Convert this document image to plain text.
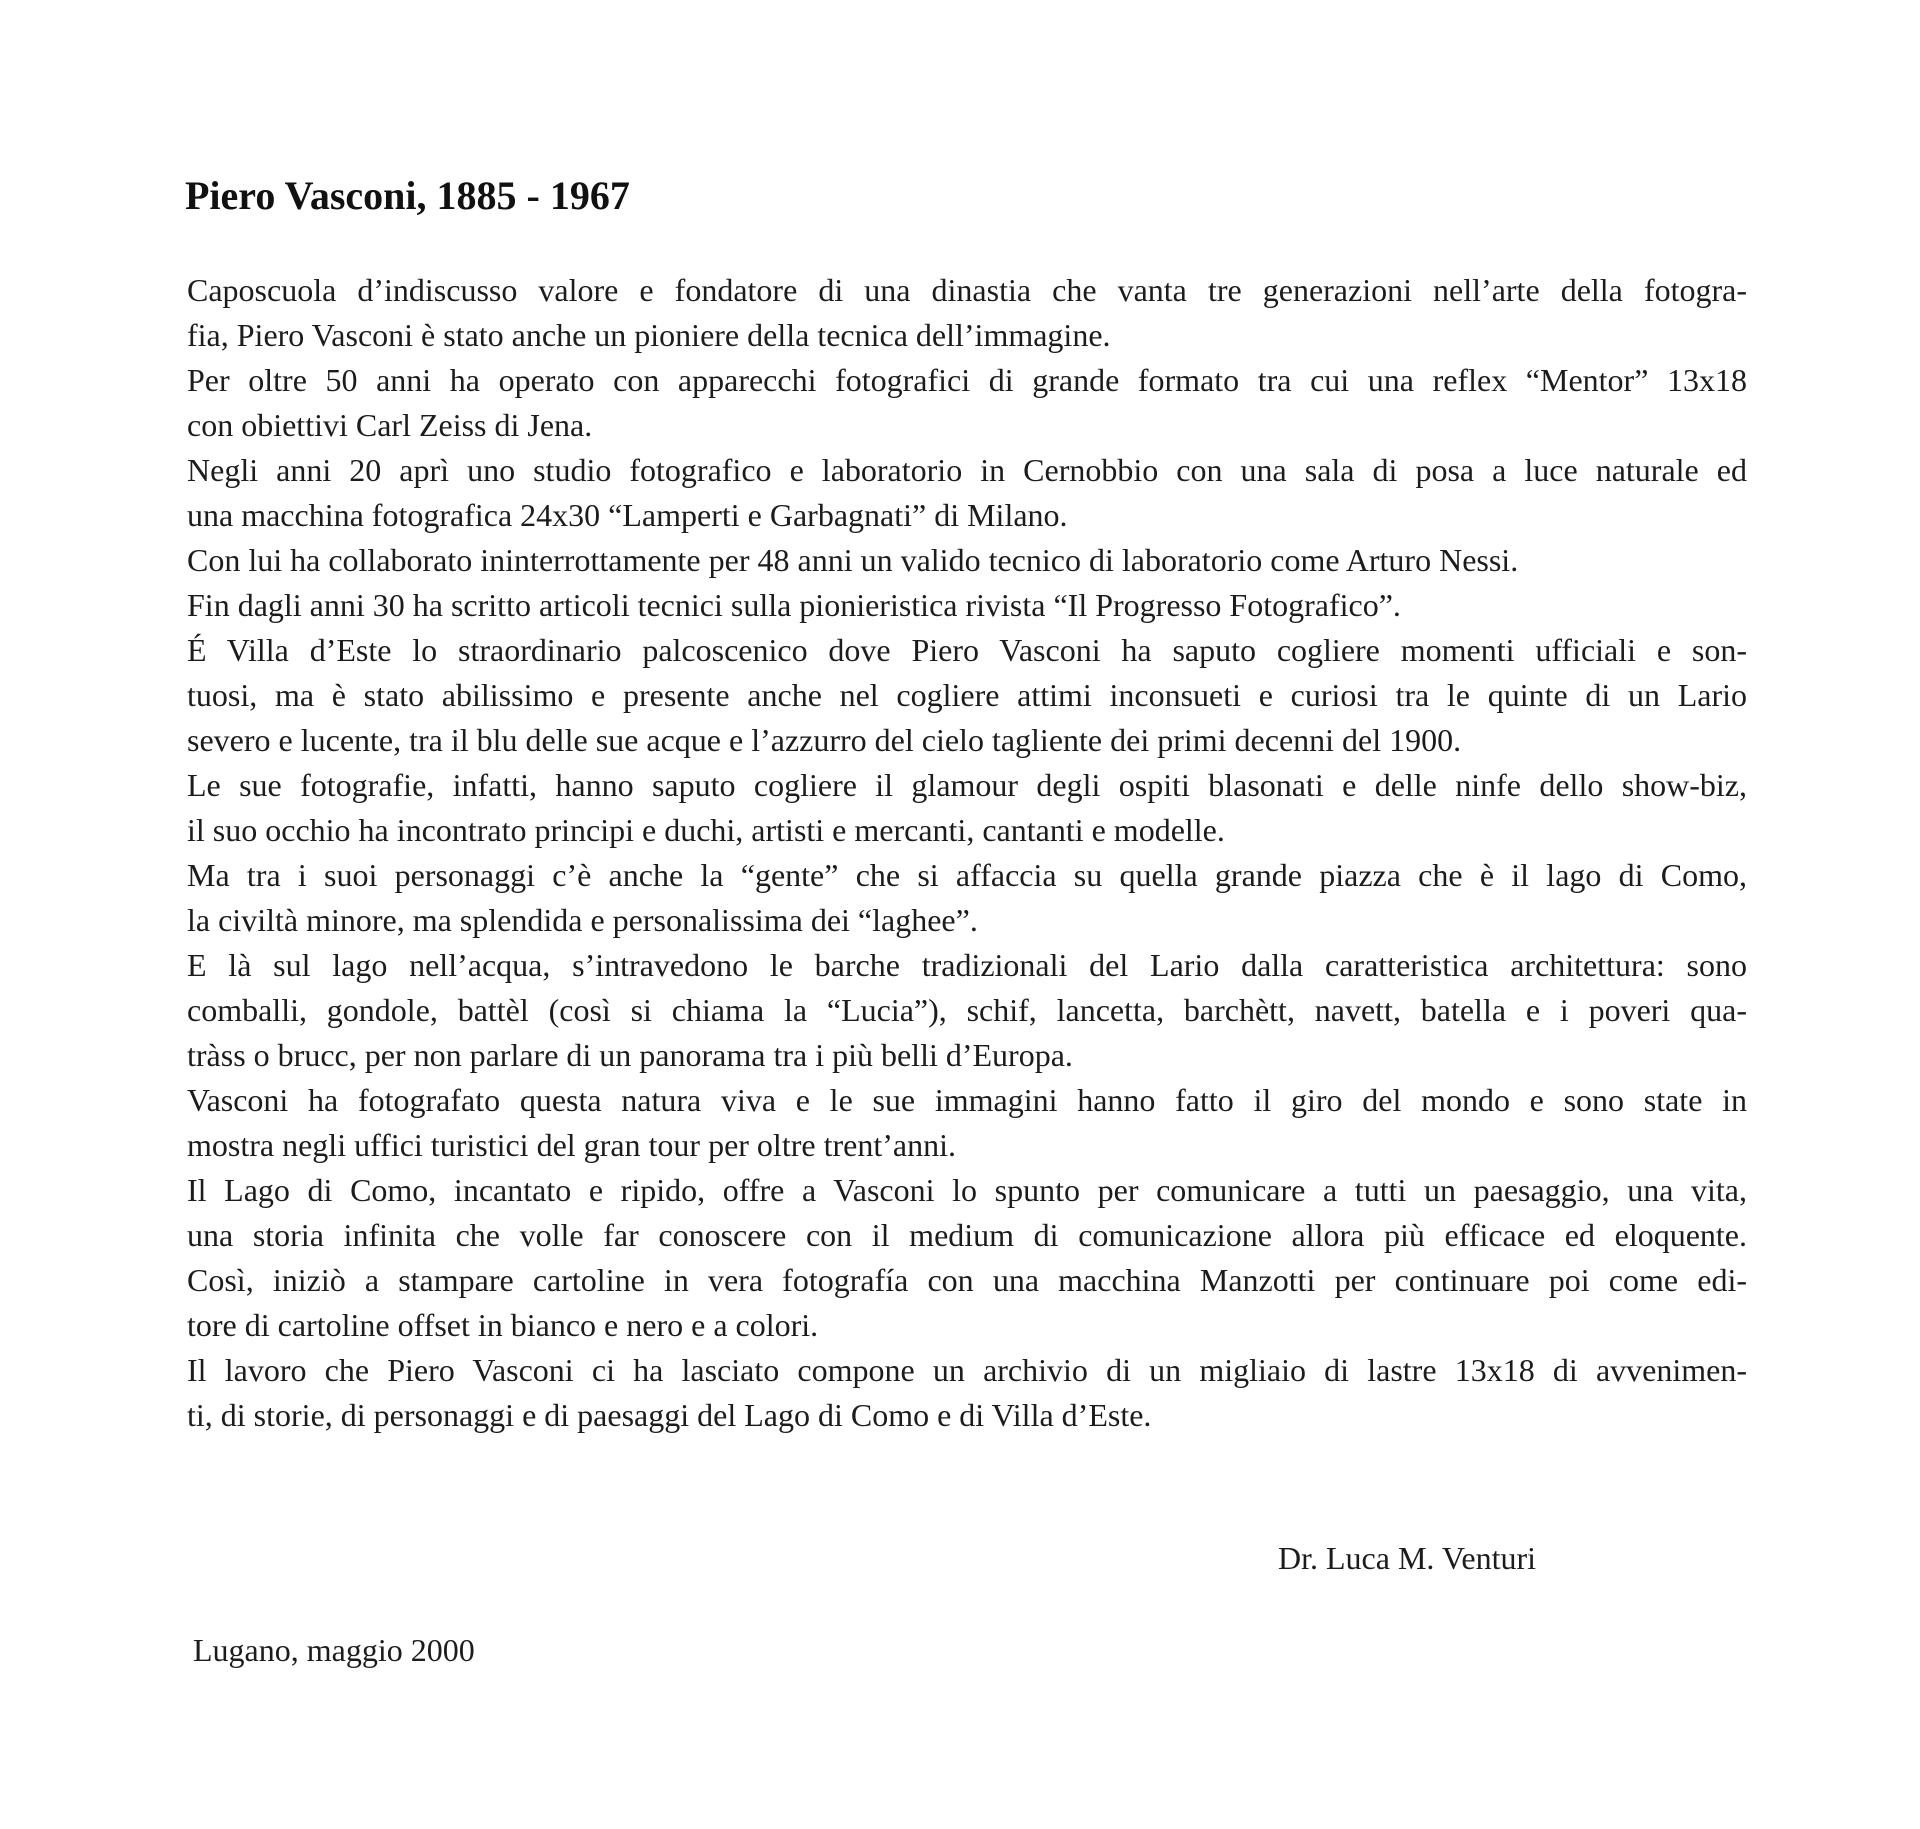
Piero Vasconi, 1885 - 1967
Caposcuola d’indiscusso valore e fondatore di una dinastia che vanta tre generazioni nell’arte della fotogra-
fia, Piero Vasconi è stato anche un pioniere della tecnica dell’immagine.
Per oltre 50 anni ha operato con apparecchi fotografici di grande formato tra cui una reflex “Mentor” 13x18
con obiettivi Carl Zeiss di Jena.
Negli anni 20 aprì uno studio fotografico e laboratorio in Cernobbio con una sala di posa a luce naturale ed
una macchina fotografica 24x30 “Lamperti e Garbagnati” di Milano.
Con lui ha collaborato ininterrottamente per 48 anni un valido tecnico di laboratorio come Arturo Nessi.
Fin dagli anni 30 ha scritto articoli tecnici sulla pionieristica rivista “Il Progresso Fotografico”.
É Villa d’Este lo straordinario palcoscenico dove Piero Vasconi ha saputo cogliere momenti ufficiali e son-
tuosi, ma è stato abilissimo e presente anche nel cogliere attimi inconsueti e curiosi tra le quinte di un Lario
severo e lucente, tra il blu delle sue acque e l’azzurro del cielo tagliente dei primi decenni del 1900.
Le sue fotografie, infatti, hanno saputo cogliere il glamour degli ospiti blasonati e delle ninfe dello show-biz,
il suo occhio ha incontrato principi e duchi, artisti e mercanti, cantanti e modelle.
Ma tra i suoi personaggi c’è anche la “gente” che si affaccia su quella grande piazza che è il lago di Como,
la civiltà minore, ma splendida e personalissima dei “laghee”.
E là sul lago nell’acqua, s’intravedono le barche tradizionali del Lario dalla caratteristica architettura: sono
comballi, gondole, battèl (così si chiama la “Lucia”), schif, lancetta, barchètt, navett, batella e i poveri qua-
tràss o brucc, per non parlare di un panorama tra i più belli d’Europa.
Vasconi ha fotografato questa natura viva e le sue immagini hanno fatto il giro del mondo e sono state in
mostra negli uffici turistici del gran tour per oltre trent’anni.
Il Lago di Como, incantato e ripido, offre a Vasconi lo spunto per comunicare a tutti un paesaggio, una vita,
una storia infinita che volle far conoscere con il medium di comunicazione allora più efficace ed eloquente.
Così, iniziò a stampare cartoline in vera fotografía con una macchina Manzotti per continuare poi come edi-
tore di cartoline offset in bianco e nero e a colori.
Il lavoro che Piero Vasconi ci ha lasciato compone un archivio di un migliaio di lastre 13x18 di avvenimen-
ti, di storie, di personaggi e di paesaggi del Lago di Como e di Villa d’Este.

Dr. Luca M. Venturi

Lugano, maggio 2000
